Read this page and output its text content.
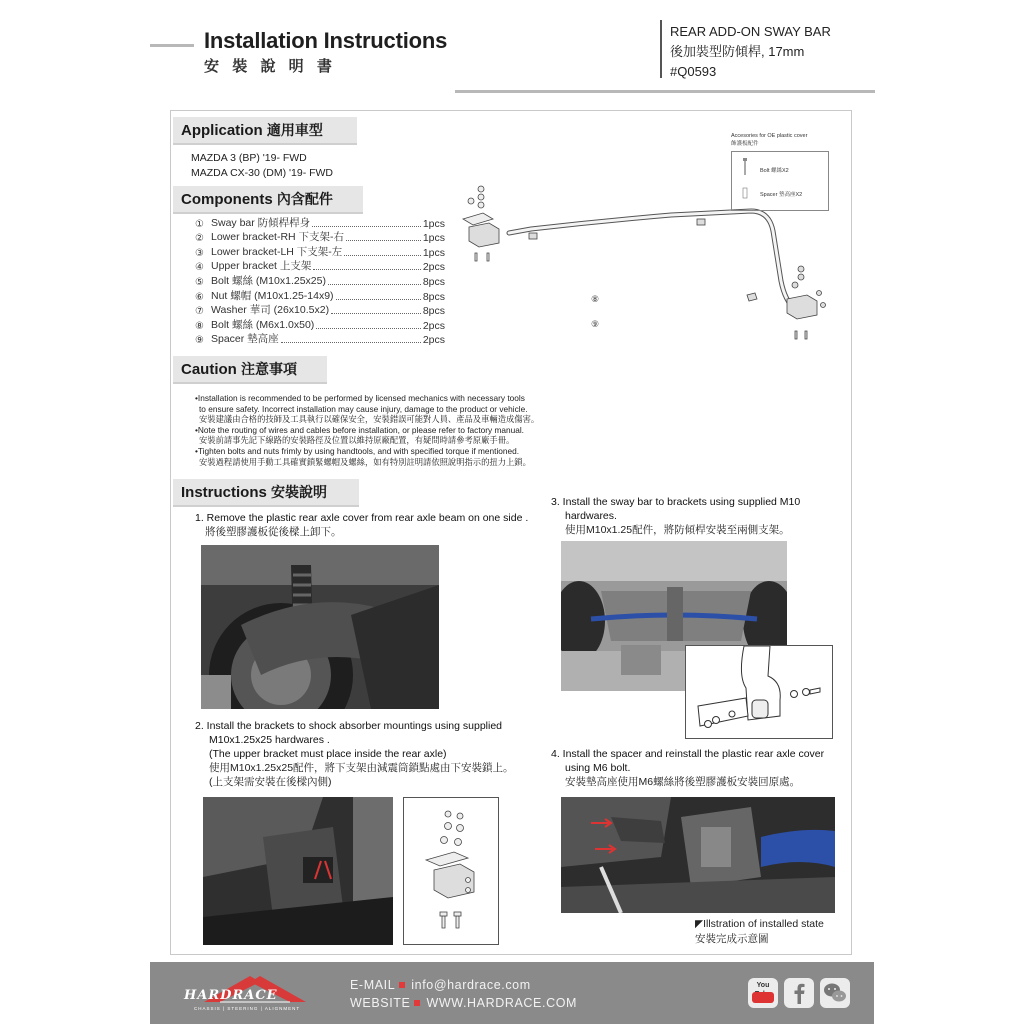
Installation Instructions
安 裝 說 明 書
REAR ADD-ON SWAY BAR
後加裝型防傾桿, 17mm
#Q0593
Application 適用車型
MAZDA 3 (BP) '19- FWD
MAZDA CX-30 (DM) '19- FWD
Components 內含配件
① Sway bar 防傾桿桿身	1pcs
② Lower bracket-RH 下支架-右	1pcs
③ Lower bracket-LH 下支架-左	1pcs
④ Upper bracket 上支架	2pcs
⑤ Bolt 螺絲 (M10x1.25x25)	8pcs
⑥ Nut 螺帽 (M10x1.25-14x9)	8pcs
⑦ Washer 華司 (26x10.5x2)	8pcs
⑧ Bolt 螺絲 (M6x1.0x50)	2pcs
⑨ Spacer 墊高座	2pcs
⑧
⑨
Accesories for OE plastic cover
飾護板配件
Bolt 螺絲X2
Spacer 墊高座X2
Caution 注意事項
•Installation is recommended to be performed by licensed mechanics with necessary tools
to ensure safety. Incorrect installation may cause injury, damage to the product or vehicle.
安裝建議由合格的技師及工具執行以確保安全，安裝錯誤可能對人員、產品及車輛造成傷害。
•Note the routing of wires and cables before installation, or please refer to factory manual.
安裝前請事先記下線路的安裝路徑及位置以維持原廠配置，有疑問時請參考原廠手冊。
•Tighten bolts and nuts frimly by using handtools, and with specified torque if mentioned.
安裝過程請使用手動工具確實鎖緊螺帽及螺絲，如有特別註明請依照說明指示的扭力上鎖。
Instructions 安裝說明
1. Remove the plastic rear axle cover from rear axle beam on one side .
將後塑膠護板從後樑上卸下。
2. Install the brackets to shock absorber mountings using supplied
M10x1.25x25 hardwares .
(The upper bracket must place inside the rear axle)
使用M10x1.25x25配件，將下支架由減震筒鎖點處由下安裝鎖上。
(上支架需安裝在後樑內側)
3. Install the sway bar to brackets using supplied M10
hardwares.
使用M10x1.25配件，將防傾桿安裝至兩側支架。
4. Install the spacer and reinstall the plastic rear axle cover
using M6 bolt.
安裝墊高座使用M6螺絲將後塑膠護板安裝回原處。
◤Illstration of installed state
安裝完成示意圖
HARDRACE
CHASSIS | STEERING | ALIGNMENT
E-MAIL info@hardrace.com
WEBSITE WWW.HARDRACE.COM
You
